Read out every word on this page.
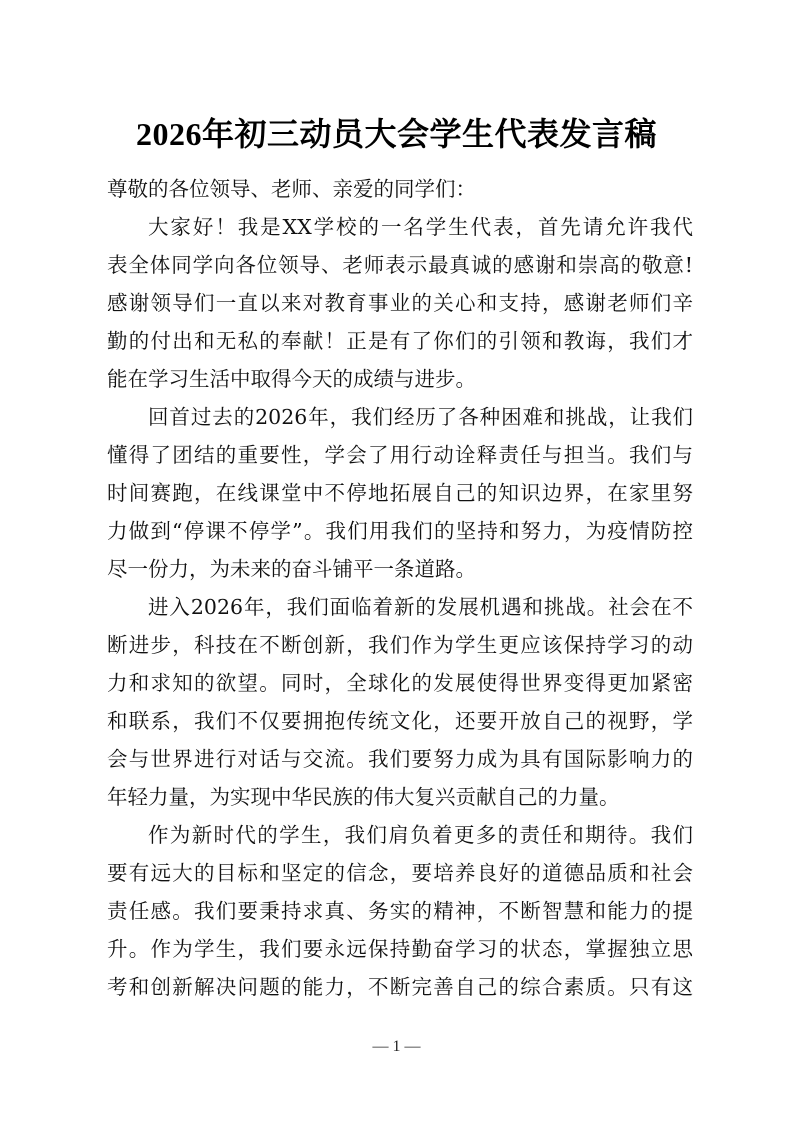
2026年初三动员大会学生代表发言稿
尊敬的各位领导、老师、亲爱的同学们：
大家好！我是XX学校的一名学生代表，首先请允许我代
表全体同学向各位领导、老师表示最真诚的感谢和崇高的敬意!
感谢领导们一直以来对教育事业的关心和支持，感谢老师们辛
勤的付出和无私的奉献！正是有了你们的引领和教诲，我们才
能在学习生活中取得今天的成绩与进步。
回首过去的2026年，我们经历了各种困难和挑战，让我们
懂得了团结的重要性，学会了用行动诠释责任与担当。我们与
时间赛跑，在线课堂中不停地拓展自己的知识边界，在家里努
力做到“停课不停学”。我们用我们的坚持和努力，为疫情防控
尽一份力，为未来的奋斗铺平一条道路。
进入2026年，我们面临着新的发展机遇和挑战。社会在不
断进步，科技在不断创新，我们作为学生更应该保持学习的动
力和求知的欲望。同时，全球化的发展使得世界变得更加紧密
和联系，我们不仅要拥抱传统文化，还要开放自己的视野，学
会与世界进行对话与交流。我们要努力成为具有国际影响力的
年轻力量，为实现中华民族的伟大复兴贡献自己的力量。
作为新时代的学生，我们肩负着更多的责任和期待。我们
要有远大的目标和坚定的信念，要培养良好的道德品质和社会
责任感。我们要秉持求真、务实的精神，不断智慧和能力的提
升。作为学生，我们要永远保持勤奋学习的状态，掌握独立思
考和创新解决问题的能力，不断完善自己的综合素质。只有这
— 1 —
